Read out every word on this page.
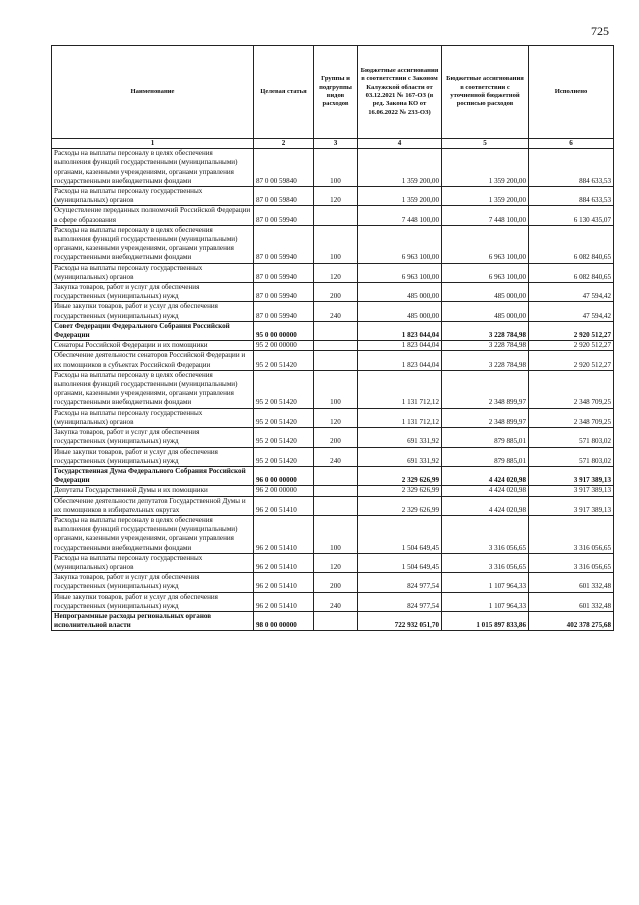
725
Наименование	Целевая статья	Группы и подгруппы видов расходов	Бюджетные ассигнования в соответствии с Законом Калужской области от 03.12.2021 № 167-ОЗ (в ред. Закона КО от 16.06.2022 № 233-ОЗ)	Бюджетные ассигнования в соответствии с уточненной бюджетной росписью расходов	Исполнено
1	2	3	4	5	6
Расходы на выплаты персоналу в целях обеспечения выполнения функций государственными (муниципальными) органами, казенными учреждениями, органами управления государственными внебюджетными фондами	87 0 00 59840	100	1 359 200,00	1 359 200,00	884 633,53
Расходы на выплаты персоналу государственных (муниципальных) органов	87 0 00 59840	120	1 359 200,00	1 359 200,00	884 633,53
Осуществление переданных полномочий Российской Федерации в сфере образования	87 0 00 59940		7 448 100,00	7 448 100,00	6 130 435,07
Расходы на выплаты персоналу в целях обеспечения выполнения функций государственными (муниципальными) органами, казенными учреждениями, органами управления государственными внебюджетными фондами	87 0 00 59940	100	6 963 100,00	6 963 100,00	6 082 840,65
Расходы на выплаты персоналу государственных (муниципальных) органов	87 0 00 59940	120	6 963 100,00	6 963 100,00	6 082 840,65
Закупка товаров, работ и услуг для обеспечения государственных (муниципальных) нужд	87 0 00 59940	200	485 000,00	485 000,00	47 594,42
Иные закупки товаров, работ и услуг для обеспечения государственных (муниципальных) нужд	87 0 00 59940	240	485 000,00	485 000,00	47 594,42
Совет Федерации Федерального Собрания Российской Федерации	95 0 00 00000		1 823 044,04	3 228 784,98	2 920 512,27
Сенаторы Российской Федерации и их помощники	95 2 00 00000		1 823 044,04	3 228 784,98	2 920 512,27
Обеспечение деятельности сенаторов Российской Федерации и их помощников в субъектах Российской Федерации	95 2 00 51420		1 823 044,04	3 228 784,98	2 920 512,27
Расходы на выплаты персоналу в целях обеспечения выполнения функций государственными (муниципальными) органами, казенными учреждениями, органами управления государственными внебюджетными фондами	95 2 00 51420	100	1 131 712,12	2 348 899,97	2 348 709,25
Расходы на выплаты персоналу государственных (муниципальных) органов	95 2 00 51420	120	1 131 712,12	2 348 899,97	2 348 709,25
Закупка товаров, работ и услуг для обеспечения государственных (муниципальных) нужд	95 2 00 51420	200	691 331,92	879 885,01	571 803,02
Иные закупки товаров, работ и услуг для обеспечения государственных (муниципальных) нужд	95 2 00 51420	240	691 331,92	879 885,01	571 803,02
Государственная Дума Федерального Собрания Российской Федерации	96 0 00 00000		2 329 626,99	4 424 020,98	3 917 389,13
Депутаты Государственной Думы и их помощники	96 2 00 00000		2 329 626,99	4 424 020,98	3 917 389,13
Обеспечение деятельности депутатов Государственной Думы и их помощников в избирательных округах	96 2 00 51410		2 329 626,99	4 424 020,98	3 917 389,13
Расходы на выплаты персоналу в целях обеспечения выполнения функций государственными (муниципальными) органами, казенными учреждениями, органами управления государственными внебюджетными фондами	96 2 00 51410	100	1 504 649,45	3 316 056,65	3 316 056,65
Расходы на выплаты персоналу государственных (муниципальных) органов	96 2 00 51410	120	1 504 649,45	3 316 056,65	3 316 056,65
Закупка товаров, работ и услуг для обеспечения государственных (муниципальных) нужд	96 2 00 51410	200	824 977,54	1 107 964,33	601 332,48
Иные закупки товаров, работ и услуг для обеспечения государственных (муниципальных) нужд	96 2 00 51410	240	824 977,54	1 107 964,33	601 332,48
Непрограммные расходы региональных органов исполнительной власти	98 0 00 00000		722 932 051,70	1 015 897 833,86	402 378 275,68
